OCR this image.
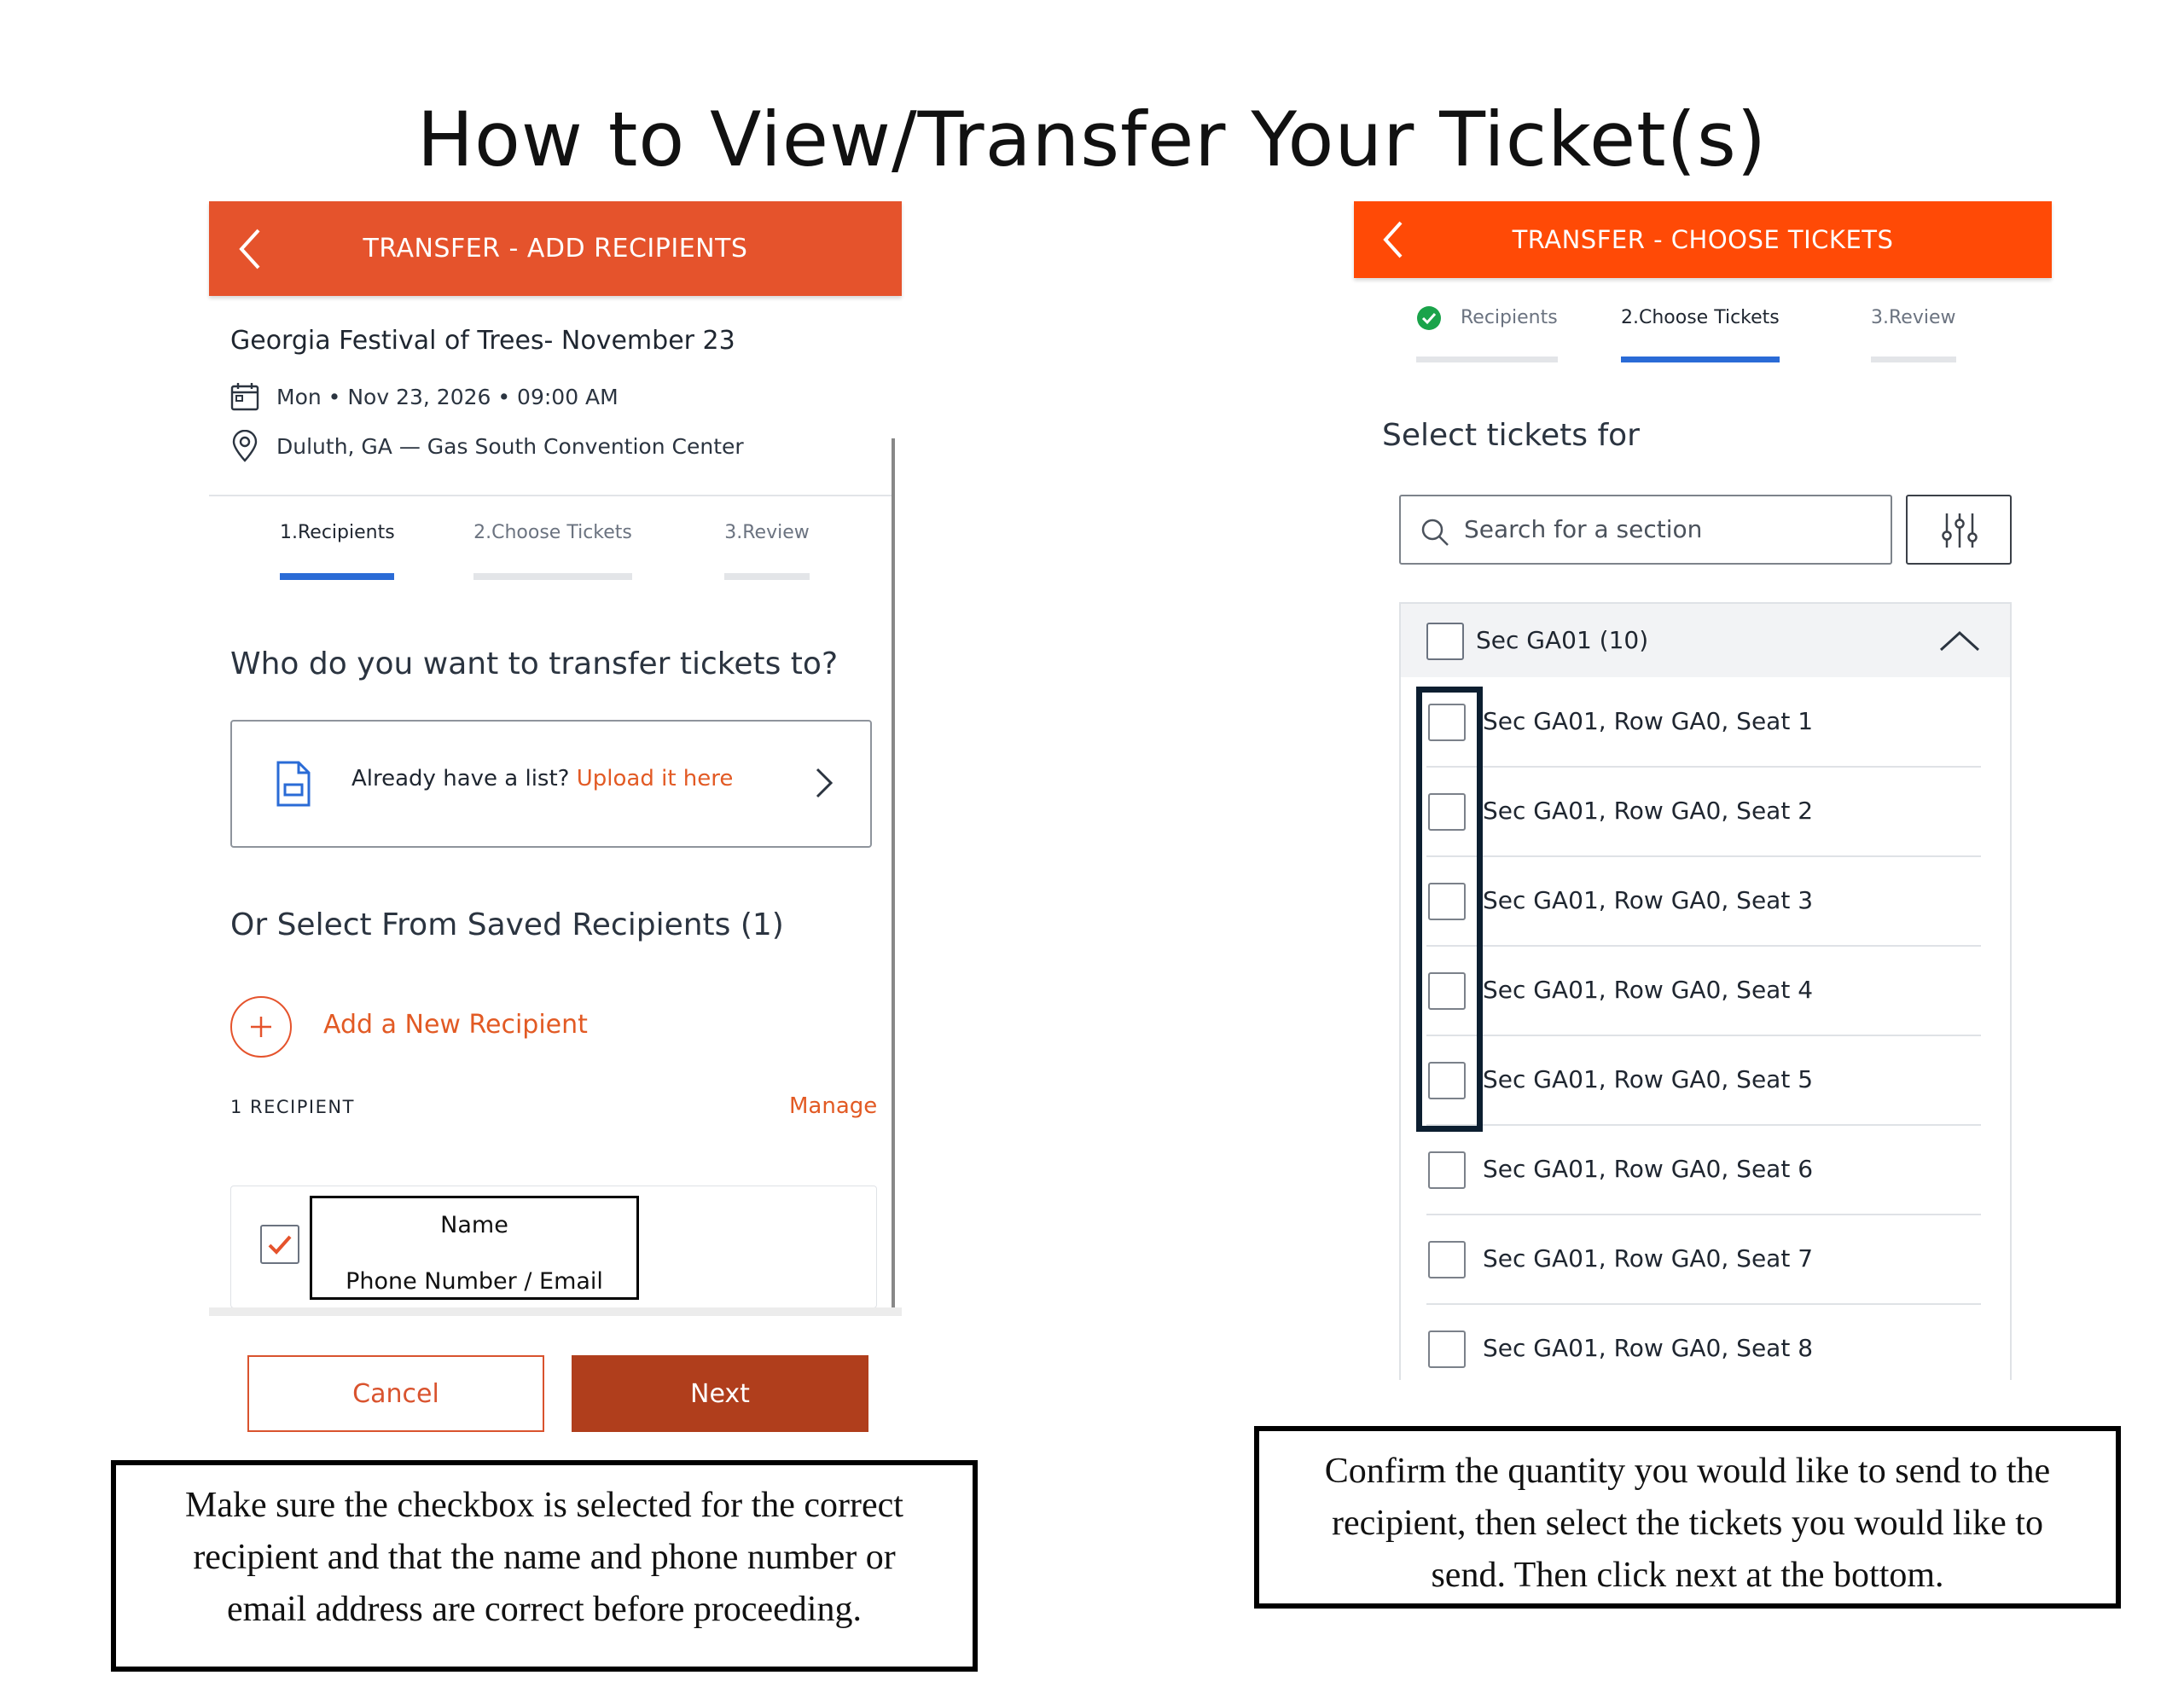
How to View/Transfer Your Ticket(s)
TRANSFER - ADD RECIPIENTS
Georgia Festival of Trees- November 23
Mon • Nov 23, 2026 • 09:00 AM
Duluth, GA — Gas South Convention Center
1.Recipients	2.Choose Tickets	3.Review
Who do you want to transfer tickets to?
Already have a list? Upload it here
Or Select From Saved Recipients (1)
Add a New Recipient
1 RECIPIENT	Manage
Name
Phone Number / Email
Cancel	Next
Make sure the checkbox is selected for the correct
recipient and that the name and phone number or
email address are correct before proceeding.
TRANSFER - CHOOSE TICKETS
Recipients	2.Choose Tickets	3.Review
Select tickets for
Search for a section
Sec GA01 (10)
Sec GA01, Row GA0, Seat 1
Sec GA01, Row GA0, Seat 2
Sec GA01, Row GA0, Seat 3
Sec GA01, Row GA0, Seat 4
Sec GA01, Row GA0, Seat 5
Sec GA01, Row GA0, Seat 6
Sec GA01, Row GA0, Seat 7
Sec GA01, Row GA0, Seat 8
Confirm the quantity you would like to send to the
recipient, then select the tickets you would like to
send. Then click next at the bottom.
